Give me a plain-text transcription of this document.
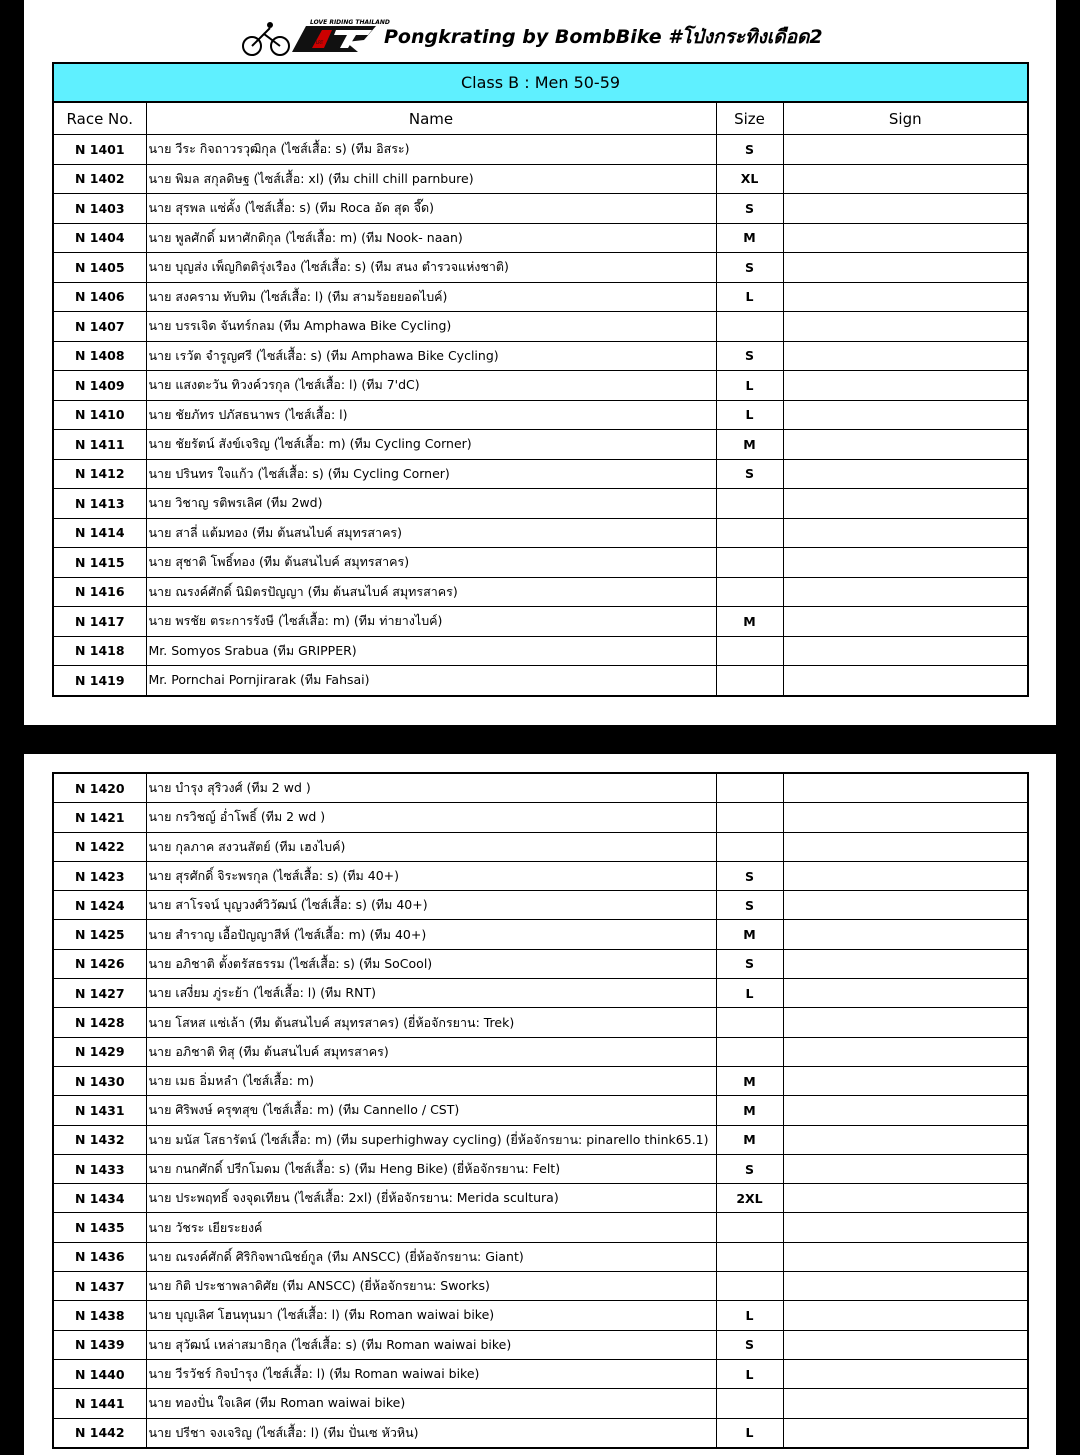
LOVE RIDING THAILAND
LRT	Pongkrating by BombBike #โป่งกระทิงเดือด2
Class B : Men 50-59			
Race No.	Name	Size	Sign
N 1401	นาย วีระ กิจถาวรวุฒิกุล (ไซส์เสื้อ: s) (ทีม อิสระ)	S	
N 1402	นาย พิมล สกุลดิษฐ (ไซส์เสื้อ: xl) (ทีม chill chill parnbure)	XL	
N 1403	นาย สุรพล แซ่คั้ง (ไซส์เสื้อ: s) (ทีม Roca อัด สุด จึ๊ด)	S	
N 1404	นาย พูลศักดิ์ มหาศักดิกุล (ไซส์เสื้อ: m) (ทีม Nook- naan)	M	
N 1405	นาย บุญส่ง เพ็ญกิตติรุ่งเรือง (ไซส์เสื้อ: s) (ทีม สนง ตำรวจแห่งชาติ)	S	
N 1406	นาย สงคราม ทับทิม (ไซส์เสื้อ: l) (ทีม สามร้อยยอดไบค์)	L	
N 1407	นาย บรรเจิด จันทร์กลม (ทีม Amphawa Bike Cycling)		
N 1408	นาย เรวัต จำรูญศรี (ไซส์เสื้อ: s) (ทีม Amphawa Bike Cycling)	S	
N 1409	นาย แสงตะวัน ทิวงค์วรกุล (ไซส์เสื้อ: l) (ทีม 7'dC)	L	
N 1410	นาย ชัยภัทร ปภัสธนาพร (ไซส์เสื้อ: l)	L	
N 1411	นาย ชัยรัตน์ สังข์เจริญ (ไซส์เสื้อ: m) (ทีม Cycling Corner)	M	
N 1412	นาย ปรินทร ใจแก้ว (ไซส์เสื้อ: s) (ทีม Cycling Corner)	S	
N 1413	นาย วิชาญ รติพรเลิศ (ทีม 2wd)		
N 1414	นาย สาลี่ แต้มทอง (ทีม ต้นสนไบค์ สมุทรสาคร)		
N 1415	นาย สุชาติ โพธิ์ทอง (ทีม ต้นสนไบค์ สมุทรสาคร)		
N 1416	นาย ณรงค์ศักดิ์ นิมิตรปัญญา (ทีม ต้นสนไบค์ สมุทรสาคร)		
N 1417	นาย พรชัย ตระการรังษี (ไซส์เสื้อ: m) (ทีม ท่ายางไบค์)	M	
N 1418	Mr. Somyos Srabua (ทีม GRIPPER)		
N 1419	Mr. Pornchai Pornjirarak (ทีม Fahsai)		
N 1420	นาย บำรุง สุริวงศ์ (ทีม 2 wd )		
N 1421	นาย กรวิชญ์ อ่ำโพธิ์ (ทีม 2 wd )		
N 1422	นาย กุลภาค สงวนสัตย์ (ทีม เฮงไบค์)		
N 1423	นาย สุรศักดิ์ จิระพรกุล (ไซส์เสื้อ: s) (ทีม 40+)	S	
N 1424	นาย สาโรจน์ บุญวงศ์วิวัฒน์ (ไซส์เสื้อ: s) (ทีม 40+)	S	
N 1425	นาย สำราญ เอื้อปัญญาสีห์ (ไซส์เสื้อ: m) (ทีม 40+)	M	
N 1426	นาย อภิชาติ ตั้งตรัสธรรม (ไซส์เสื้อ: s) (ทีม SoCool)	S	
N 1427	นาย เสงี่ยม ภู่ระย้า (ไซส์เสื้อ: l) (ทีม RNT)	L	
N 1428	นาย โสหส แซ่เล้า (ทีม ต้นสนไบค์ สมุทรสาคร) (ยี่ห้อจักรยาน: Trek)		
N 1429	นาย อภิชาติ ทิสุ (ทีม ต้นสนไบค์ สมุทรสาคร)		
N 1430	นาย เมธ อิ่มหลำ (ไซส์เสื้อ: m)	M	
N 1431	นาย ศิริพงษ์ ครุฑสุข (ไซส์เสื้อ: m) (ทีม Cannello / CST)	M	
N 1432	นาย มนัส โสธารัตน์ (ไซส์เสื้อ: m) (ทีม superhighway cycling) (ยี่ห้อจักรยาน: pinarello think65.1)	M	
N 1433	นาย กนกศักดิ์ ปรีกโมดม (ไซส์เสื้อ: s) (ทีม Heng Bike) (ยี่ห้อจักรยาน: Felt)	S	
N 1434	นาย ประพฤทธิ์ จงจุดเทียน (ไซส์เสื้อ: 2xl) (ยี่ห้อจักรยาน: Merida scultura)	2XL	
N 1435	นาย วัชระ เยียระยงค์		
N 1436	นาย ณรงค์ศักดิ์ ศิริกิจพาณิชย์กูล (ทีม ANSCC) (ยี่ห้อจักรยาน: Giant)		
N 1437	นาย กิติ ประชาพลาดิศัย (ทีม ANSCC) (ยี่ห้อจักรยาน: Sworks)		
N 1438	นาย บุญเลิศ โฮนทุนมา (ไซส์เสื้อ: l) (ทีม Roman waiwai bike)	L	
N 1439	นาย สุวัฒน์ เหล่าสมาธิกุล (ไซส์เสื้อ: s) (ทีม Roman waiwai bike)	S	
N 1440	นาย วีรวัชร์ กิจบำรุง (ไซส์เสื้อ: l) (ทีม Roman waiwai bike)	L	
N 1441	นาย ทองปั่น ใจเลิศ (ทีม Roman waiwai bike)		
N 1442	นาย ปรีชา จงเจริญ (ไซส์เสื้อ: l) (ทีม ปั่นเซ หัวหิน)	L	
